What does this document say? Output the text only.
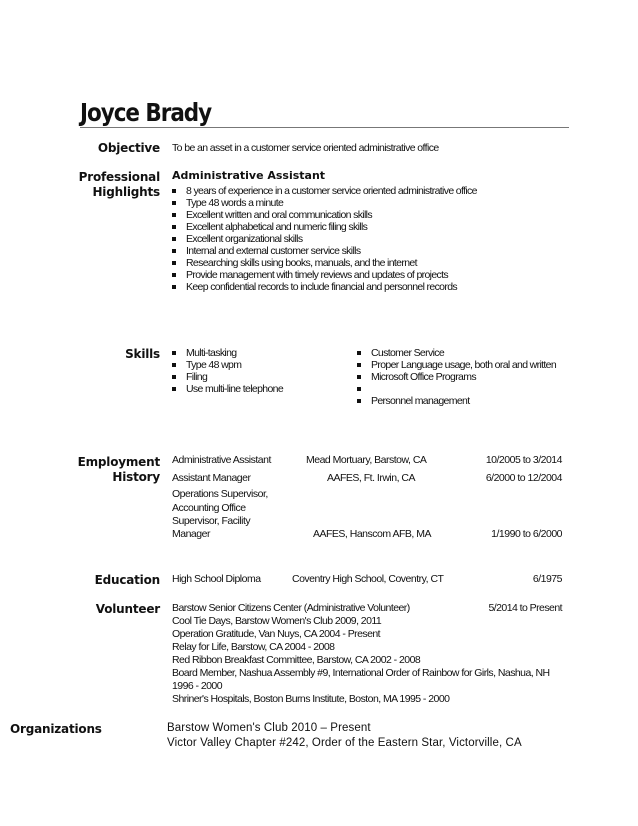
Joyce Brady
Objective To be an asset in a customer service oriented administrative office
Professional
Highlights
Administrative Assistant
8 years of experience in a customer service oriented administrative office
Type 48 words a minute
Excellent written and oral communication skills
Excellent alphabetical and numeric filing skills
Excellent organizational skills
Internal and external customer service skills
Researching skills using books, manuals, and the internet
Provide management with timely reviews and updates of projects
Keep confidential records to include financial and personnel records
Skills	Multi-tasking
Type 48 wpm
Filing
Use multi-line telephone
Customer Service
Proper Language usage, both oral and written
Microsoft Office Programs
Personnel management
Employment
History
Administrative Assistant	Mead Mortuary, Barstow, CA	10/2005 to 3/2014
Assistant Manager	AAFES, Ft. Irwin, CA	6/2000 to 12/2004
Operations Supervisor,
Accounting Office
Supervisor, Facility
Manager	AAFES, Hanscom AFB, MA	1/1990 to 6/2000
Education High School Diploma	Coventry High School, Coventry, CT	6/1975
Volunteer Barstow Senior Citizens Center (Administrative Volunteer)	5/2014 to Present
Cool Tie Days, Barstow Women's Club 2009, 2011
Operation Gratitude, Van Nuys, CA 2004 - Present
Relay for Life, Barstow, CA 2004 - 2008
Red Ribbon Breakfast Committee, Barstow, CA 2002 - 2008
Board Member, Nashua Assembly #9, International Order of Rainbow for Girls, Nashua, NH
1996 - 2000
Shriner's Hospitals, Boston Burns Institute, Boston, MA 1995 - 2000
Organizations	Barstow Women's Club 2010 – Present
Victor Valley Chapter #242, Order of the Eastern Star, Victorville, CA
